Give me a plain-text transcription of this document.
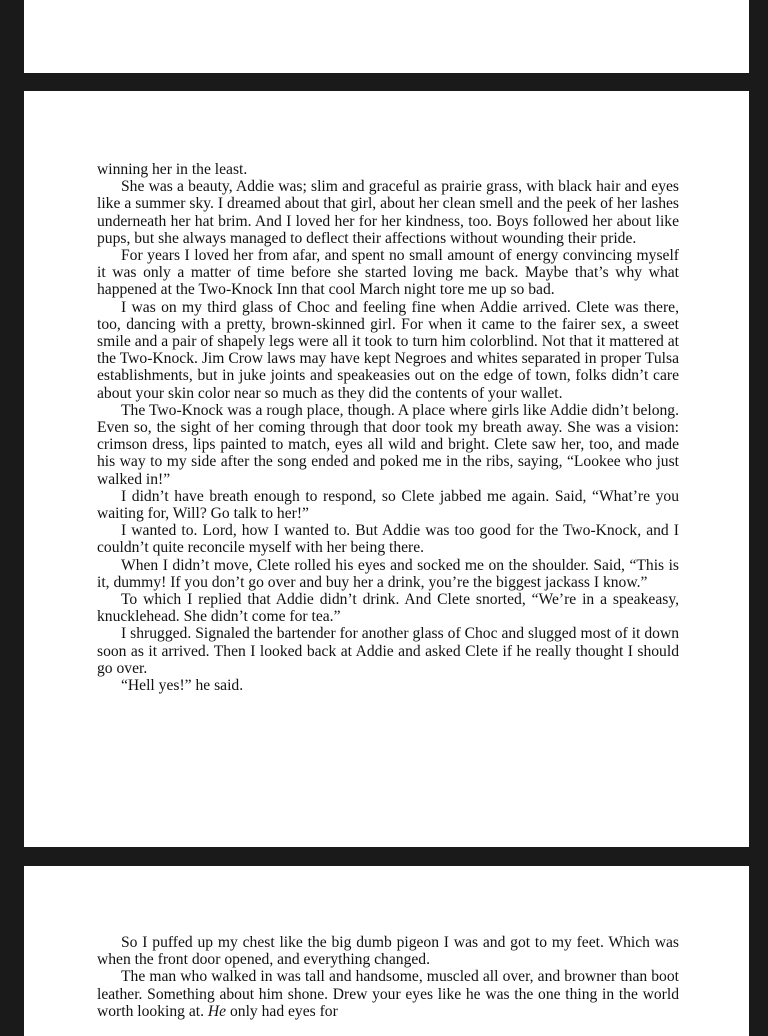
winning her in the least.

She was a beauty, Addie was; slim and graceful as prairie grass, with black hair and eyes like a summer sky. I dreamed about that girl, about her clean smell and the peek of her lashes underneath her hat brim. And I loved her for her kindness, too. Boys followed her about like pups, but she always managed to deflect their affections without wounding their pride.

For years I loved her from afar, and spent no small amount of energy convincing myself it was only a matter of time before she started loving me back. Maybe that’s why what happened at the Two-Knock Inn that cool March night tore me up so bad.

I was on my third glass of Choc and feeling fine when Addie arrived. Clete was there, too, dancing with a pretty, brown-skinned girl. For when it came to the fairer sex, a sweet smile and a pair of shapely legs were all it took to turn him colorblind. Not that it mattered at the Two-Knock. Jim Crow laws may have kept Negroes and whites separated in proper Tulsa establishments, but in juke joints and speakeasies out on the edge of town, folks didn’t care about your skin color near so much as they did the contents of your wallet.

The Two-Knock was a rough place, though. A place where girls like Addie didn’t belong. Even so, the sight of her coming through that door took my breath away. She was a vision: crimson dress, lips painted to match, eyes all wild and bright. Clete saw her, too, and made his way to my side after the song ended and poked me in the ribs, saying, “Lookee who just walked in!”

I didn’t have breath enough to respond, so Clete jabbed me again. Said, “What’re you waiting for, Will? Go talk to her!”

I wanted to. Lord, how I wanted to. But Addie was too good for the Two-Knock, and I couldn’t quite reconcile myself with her being there.

When I didn’t move, Clete rolled his eyes and socked me on the shoulder. Said, “This is it, dummy! If you don’t go over and buy her a drink, you’re the biggest jackass I know.”

To which I replied that Addie didn’t drink. And Clete snorted, “We’re in a speakeasy, knucklehead. She didn’t come for tea.”

I shrugged. Signaled the bartender for another glass of Choc and slugged most of it down soon as it arrived. Then I looked back at Addie and asked Clete if he really thought I should go over.

“Hell yes!” he said.

So I puffed up my chest like the big dumb pigeon I was and got to my feet. Which was when the front door opened, and everything changed.

The man who walked in was tall and handsome, muscled all over, and browner than boot leather. Something about him shone. Drew your eyes like he was the one thing in the world worth looking at. He only had eyes for
